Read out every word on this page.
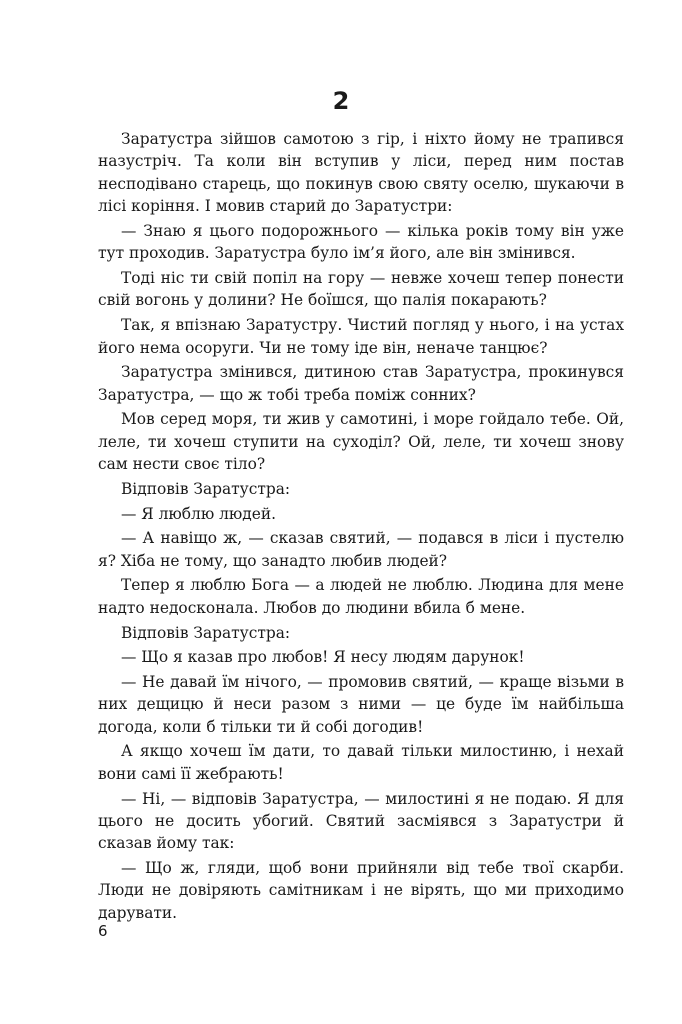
2

Заратустра зійшов самотою з гір, і ніхто йому не трапився назустріч. Та коли він вступив у ліси, перед ним постав несподівано старець, що покинув свою святу оселю, шукаючи в лісі коріння. І мовив старий до Заратустри:

— Знаю я цього подорожнього — кілька років тому він уже тут проходив. Заратустра було ім’я його, але він змінився.

Тоді ніс ти свій попіл на гору — невже хочеш тепер понести свій вогонь у долини? Не боїшся, що палія покарають?

Так, я впізнаю Заратустру. Чистий погляд у нього, і на устах його нема осоруги. Чи не тому іде він, неначе танцює?

Заратустра змінився, дитиною став Заратустра, прокинувся Заратустра, — що ж тобі треба поміж сонних?

Мов серед моря, ти жив у самотині, і море гойдало тебе. Ой, леле, ти хочеш ступити на суходіл? Ой, леле, ти хочеш знову сам нести своє тіло?

Відповів Заратустра:

— Я люблю людей.

— А навіщо ж, — сказав святий, — подався в ліси і пустелю я? Хіба не тому, що занадто любив людей?

Тепер я люблю Бога — а людей не люблю. Людина для мене надто недосконала. Любов до людини вбила б мене.

Відповів Заратустра:

— Що я казав про любов! Я несу людям дарунок!

— Не давай їм нічого, — промовив святий, — краще візьми в них дещицю й неси разом з ними — це буде їм найбільша догода, коли б тільки ти й собі догодив!

А якщо хочеш їм дати, то давай тільки милостиню, і нехай вони самі її жебрають!

— Ні, — відповів Заратустра, — милостині я не подаю. Я для цього не досить убогий. Святий засміявся з Заратустри й сказав йому так:

— Що ж, гляди, щоб вони прийняли від тебе твої скарби. Люди не довіряють самітникам і не вірять, що ми приходимо дарувати.

6
